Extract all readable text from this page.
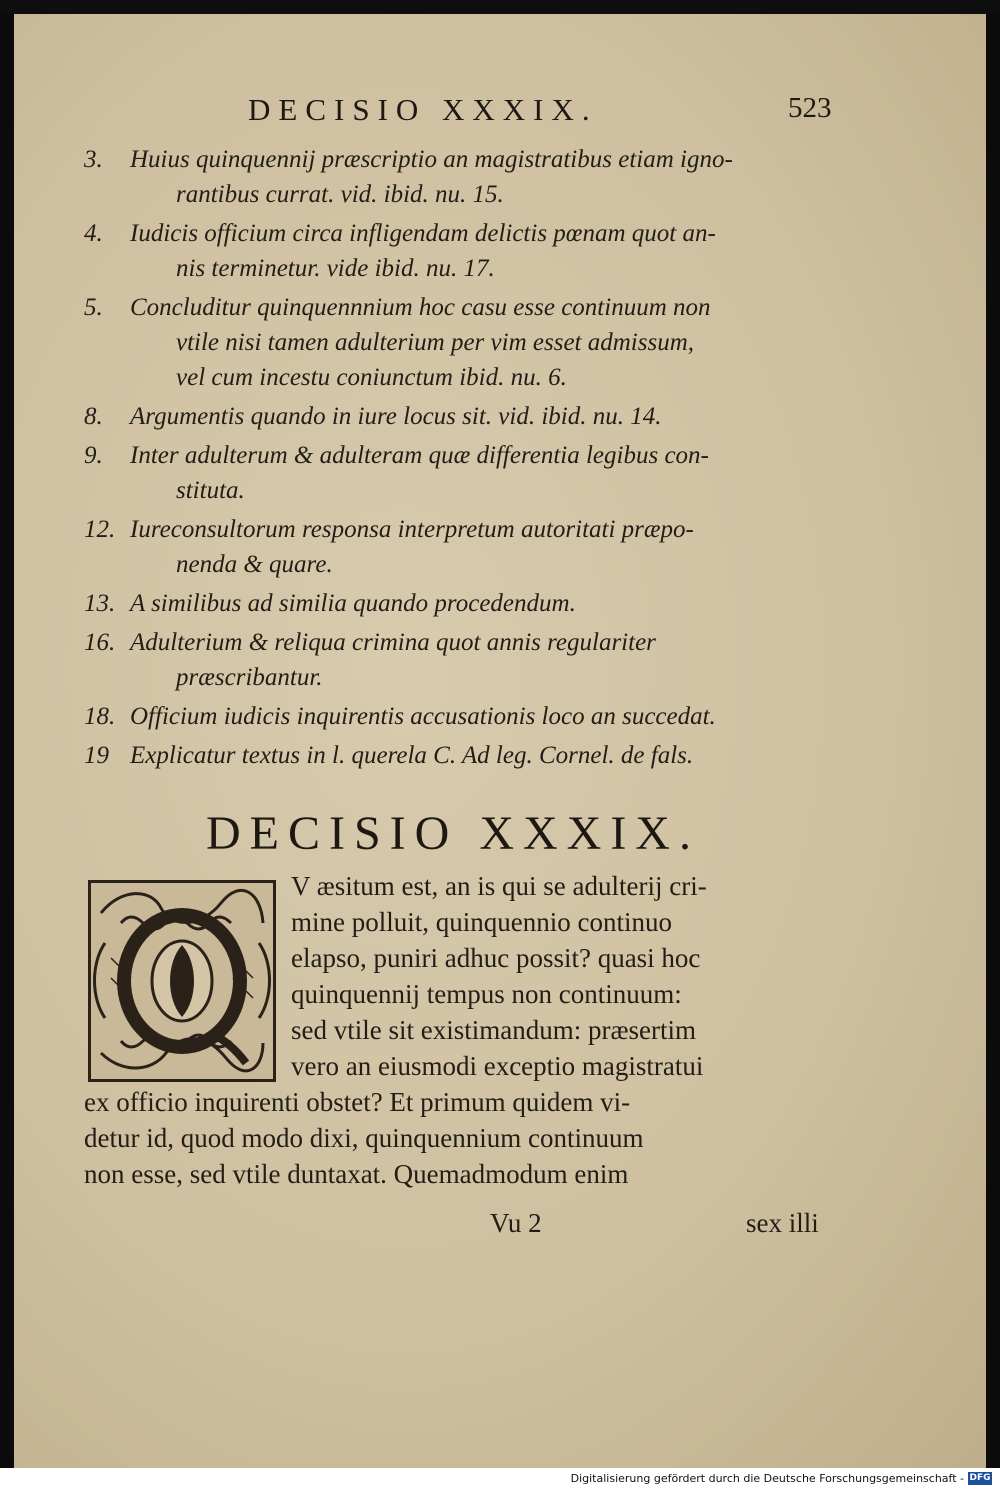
DECISIO XXXIX.	523
3.	Huius quinquennij præscriptio an magistratibus etiam igno-
rantibus currat. vid. ibid. nu. 15.
4.	Iudicis officium circa infligendam delictis pœnam quot an-
nis terminetur. vide ibid. nu. 17.
5.	Concluditur quinquennnium hoc casu esse continuum non
vtile nisi tamen adulterium per vim esset admissum,
vel cum incestu coniunctum ibid. nu. 6.
8.	Argumentis quando in iure locus sit. vid. ibid. nu. 14.
9.	Inter adulterum & adulteram quæ differentia legibus con-
stituta.
12. Iureconsultorum responsa interpretum autoritati præpo-
nenda & quare.
13. A similibus ad similia quando procedendum.
16. Adulterium & reliqua crimina quot annis regulariter
præscribantur.
18. Officium iudicis inquirentis accusationis loco an succedat.
19 Explicatur textus in l. querela C. Ad leg. Cornel. de fals.
DECISIO XXXIX.
V æsitum est, an is qui se adulterij cri-
mine polluit, quinquennio continuo
elapso, puniri adhuc possit? quasi hoc
quinquennij tempus non continuum:
sed vtile sit existimandum: præsertim
vero an eiusmodi exceptio magistratui
ex officio inquirenti obstet? Et primum quidem vi-
detur id, quod modo dixi, quinquennium continuum
non esse, sed vtile duntaxat. Quemadmodum enim
Vu 2	sex illi
Digitalisierung gefördert durch die Deutsche Forschungsgemeinschaft - DFG
